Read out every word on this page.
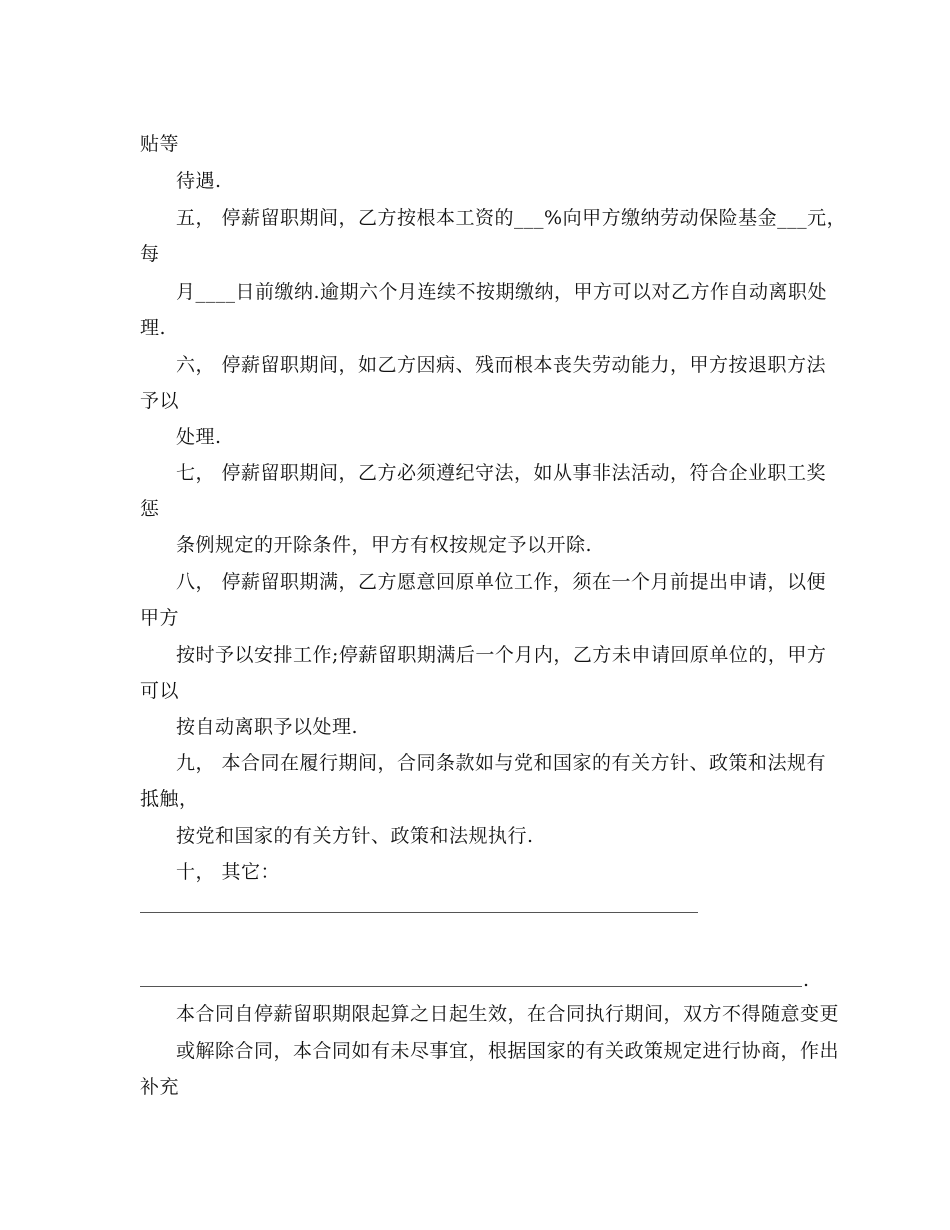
贴等
待遇.
五， 停薪留职期间，乙方按根本工资的___%向甲方缴纳劳动保险基金___元，
每
月____日前缴纳.逾期六个月连续不按期缴纳，甲方可以对乙方作自动离职处
理.
六， 停薪留职期间，如乙方因病、残而根本丧失劳动能力，甲方按退职方法
予以
处理.
七， 停薪留职期间，乙方必须遵纪守法，如从事非法活动，符合企业职工奖
惩
条例规定的开除条件，甲方有权按规定予以开除.
八， 停薪留职期满，乙方愿意回原单位工作，须在一个月前提出申请，以便
甲方
按时予以安排工作;停薪留职期满后一个月内，乙方未申请回原单位的，甲方
可以
按自动离职予以处理.
九， 本合同在履行期间，合同条款如与党和国家的有关方针、政策和法规有
抵触，
按党和国家的有关方针、政策和法规执行.
十， 其它：
.
本合同自停薪留职期限起算之日起生效，在合同执行期间，双方不得随意变更
或解除合同，本合同如有未尽事宜，根据国家的有关政策规定进行协商，作出
补充
